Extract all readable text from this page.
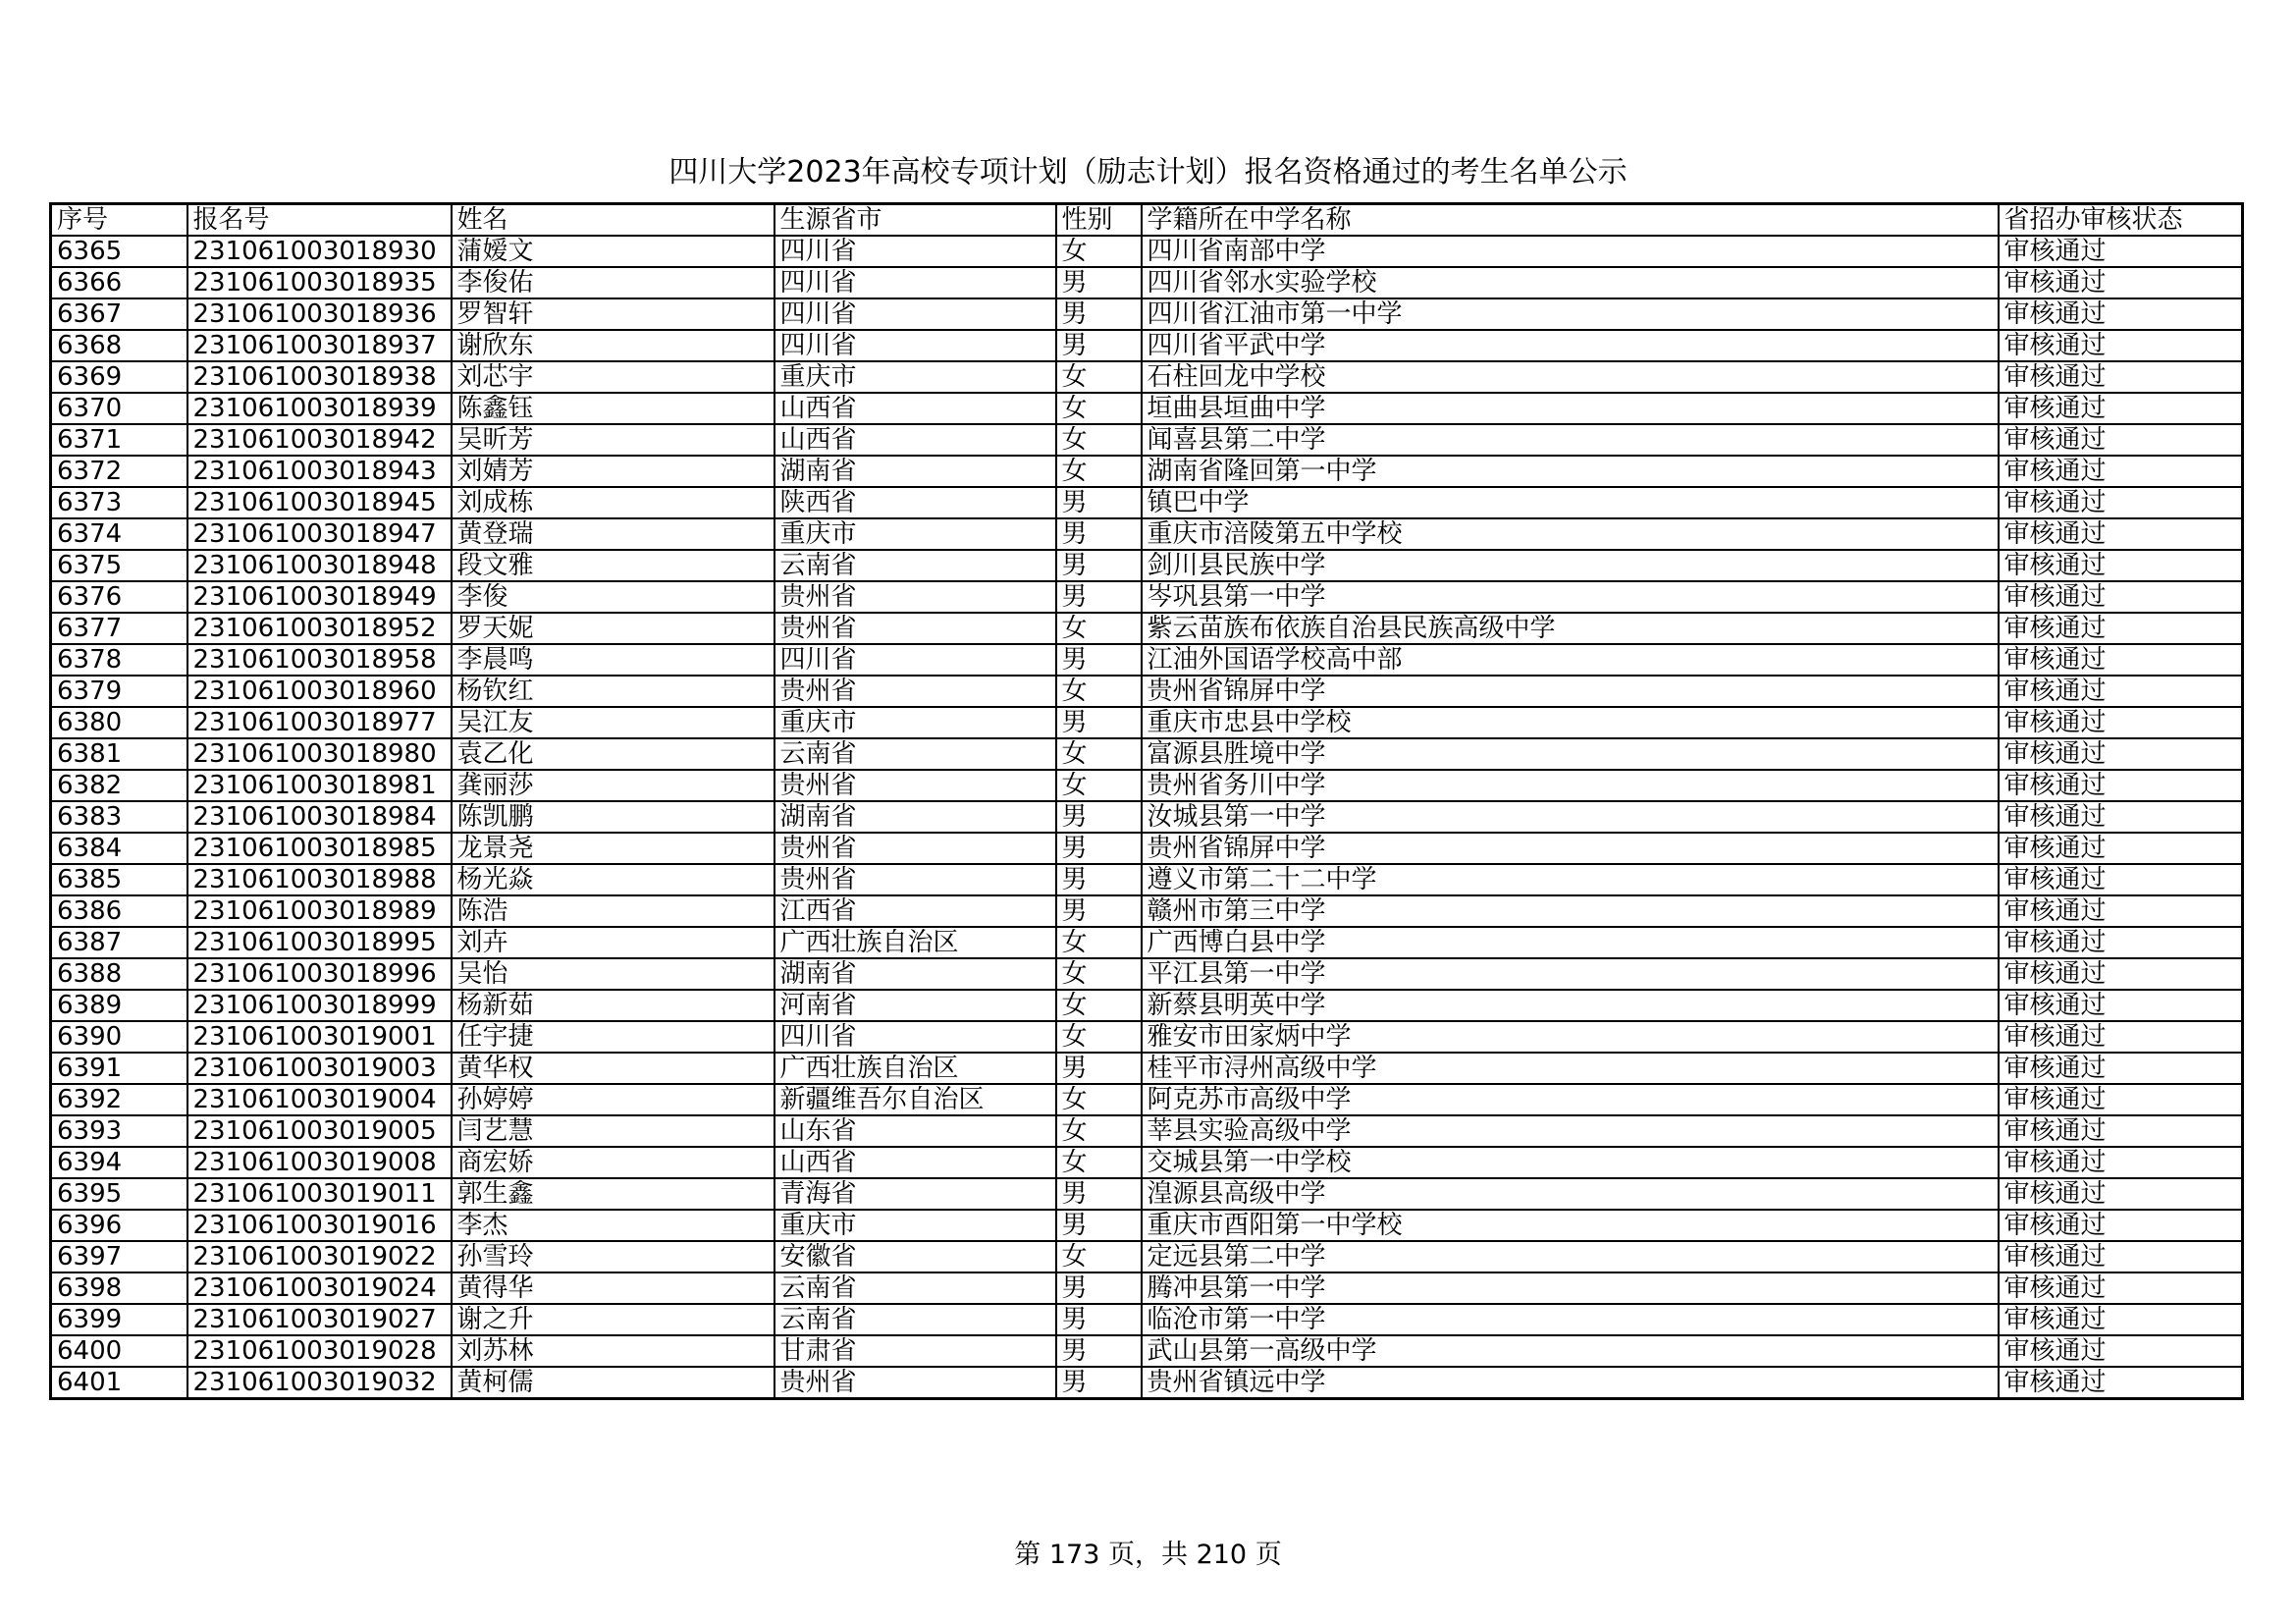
四川大学2023年高校专项计划（励志计划）报名资格通过的考生名单公示
序号	报名号	姓名	生源省市	性别	学籍所在中学名称	省招办审核状态
6365	231061003018930	蒲嫒文	四川省	女	四川省南部中学	审核通过
6366	231061003018935	李俊佑	四川省	男	四川省邻水实验学校	审核通过
6367	231061003018936	罗智轩	四川省	男	四川省江油市第一中学	审核通过
6368	231061003018937	谢欣东	四川省	男	四川省平武中学	审核通过
6369	231061003018938	刘芯宇	重庆市	女	石柱回龙中学校	审核通过
6370	231061003018939	陈鑫钰	山西省	女	垣曲县垣曲中学	审核通过
6371	231061003018942	吴昕芳	山西省	女	闻喜县第二中学	审核通过
6372	231061003018943	刘婧芳	湖南省	女	湖南省隆回第一中学	审核通过
6373	231061003018945	刘成栋	陕西省	男	镇巴中学	审核通过
6374	231061003018947	黄登瑞	重庆市	男	重庆市涪陵第五中学校	审核通过
6375	231061003018948	段文雅	云南省	男	剑川县民族中学	审核通过
6376	231061003018949	李俊	贵州省	男	岑巩县第一中学	审核通过
6377	231061003018952	罗天妮	贵州省	女	紫云苗族布依族自治县民族高级中学	审核通过
6378	231061003018958	李晨鸣	四川省	男	江油外国语学校高中部	审核通过
6379	231061003018960	杨钦红	贵州省	女	贵州省锦屏中学	审核通过
6380	231061003018977	吴江友	重庆市	男	重庆市忠县中学校	审核通过
6381	231061003018980	袁乙化	云南省	女	富源县胜境中学	审核通过
6382	231061003018981	龚丽莎	贵州省	女	贵州省务川中学	审核通过
6383	231061003018984	陈凯鹏	湖南省	男	汝城县第一中学	审核通过
6384	231061003018985	龙景尧	贵州省	男	贵州省锦屏中学	审核通过
6385	231061003018988	杨光焱	贵州省	男	遵义市第二十二中学	审核通过
6386	231061003018989	陈浩	江西省	男	赣州市第三中学	审核通过
6387	231061003018995	刘卉	广西壮族自治区	女	广西博白县中学	审核通过
6388	231061003018996	吴怡	湖南省	女	平江县第一中学	审核通过
6389	231061003018999	杨新茹	河南省	女	新蔡县明英中学	审核通过
6390	231061003019001	任宇捷	四川省	女	雅安市田家炳中学	审核通过
6391	231061003019003	黄华权	广西壮族自治区	男	桂平市浔州高级中学	审核通过
6392	231061003019004	孙婷婷	新疆维吾尔自治区	女	阿克苏市高级中学	审核通过
6393	231061003019005	闫艺慧	山东省	女	莘县实验高级中学	审核通过
6394	231061003019008	商宏娇	山西省	女	交城县第一中学校	审核通过
6395	231061003019011	郭生鑫	青海省	男	湟源县高级中学	审核通过
6396	231061003019016	李杰	重庆市	男	重庆市酉阳第一中学校	审核通过
6397	231061003019022	孙雪玲	安徽省	女	定远县第二中学	审核通过
6398	231061003019024	黄得华	云南省	男	腾冲县第一中学	审核通过
6399	231061003019027	谢之升	云南省	男	临沧市第一中学	审核通过
6400	231061003019028	刘苏林	甘肃省	男	武山县第一高级中学	审核通过
6401	231061003019032	黄柯儒	贵州省	男	贵州省镇远中学	审核通过
第 173 页，共 210 页
